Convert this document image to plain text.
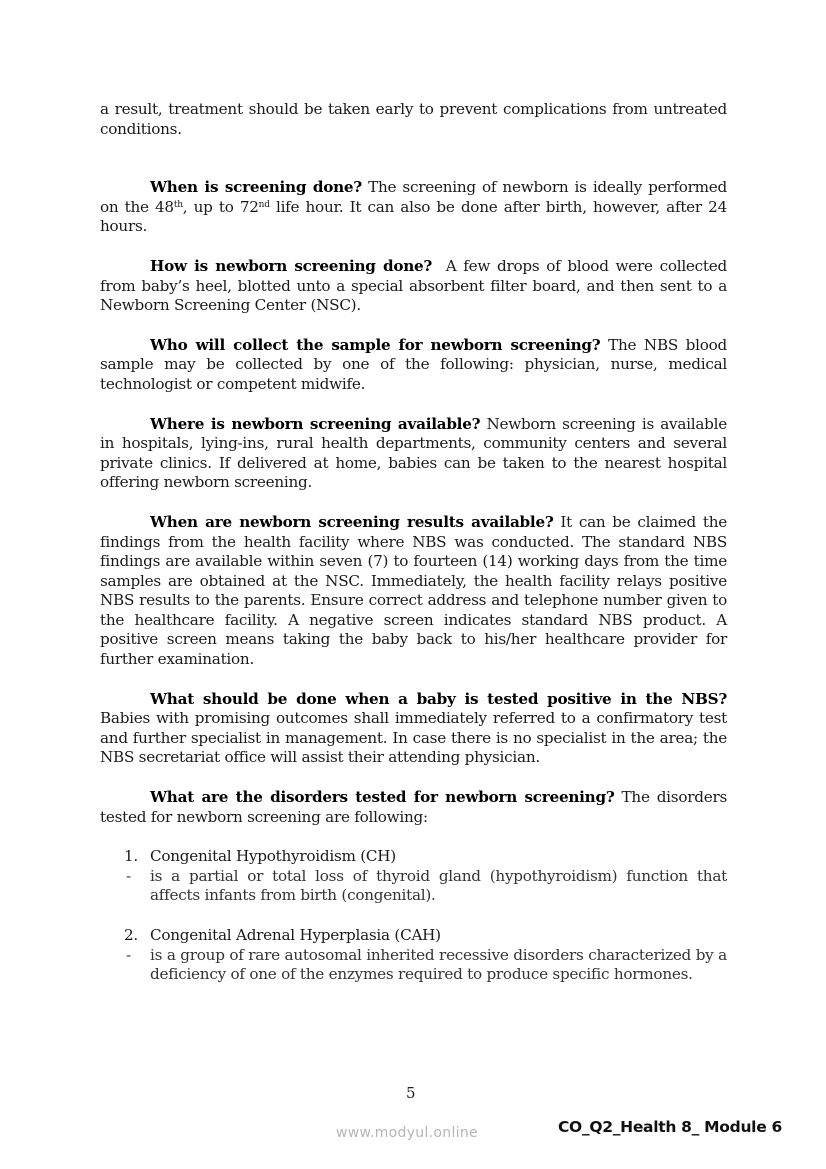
a result, treatment should be taken early to prevent complications from untreated conditions.

When is screening done? The screening of newborn is ideally performed on the 48th, up to 72nd life hour. It can also be done after birth, however, after 24 hours.

How is newborn screening done? A few drops of blood were collected from baby’s heel, blotted unto a special absorbent filter board, and then sent to a Newborn Screening Center (NSC).

Who will collect the sample for newborn screening? The NBS blood sample may be collected by one of the following: physician, nurse, medical technologist or competent midwife.

Where is newborn screening available? Newborn screening is available in hospitals, lying-ins, rural health departments, community centers and several private clinics. If delivered at home, babies can be taken to the nearest hospital offering newborn screening.

When are newborn screening results available? It can be claimed the findings from the health facility where NBS was conducted. The standard NBS findings are available within seven (7) to fourteen (14) working days from the time samples are obtained at the NSC. Immediately, the health facility relays positive NBS results to the parents. Ensure correct address and telephone number given to the healthcare facility. A negative screen indicates standard NBS product. A positive screen means taking the baby back to his/her healthcare provider for further examination.

What should be done when a baby is tested positive in the NBS? Babies with promising outcomes shall immediately referred to a confirmatory test and further specialist in management. In case there is no specialist in the area; the NBS secretariat office will assist their attending physician.

What are the disorders tested for newborn screening? The disorders tested for newborn screening are following:

1. Congenital Hypothyroidism (CH)

- is a partial or total loss of thyroid gland (hypothyroidism) function that affects infants from birth (congenital).

2. Congenital Adrenal Hyperplasia (CAH)

- is a group of rare autosomal inherited recessive disorders characterized by a deficiency of one of the enzymes required to produce specific hormones.

5
www.modyul.online	CO_Q2_Health 8_ Module 6
